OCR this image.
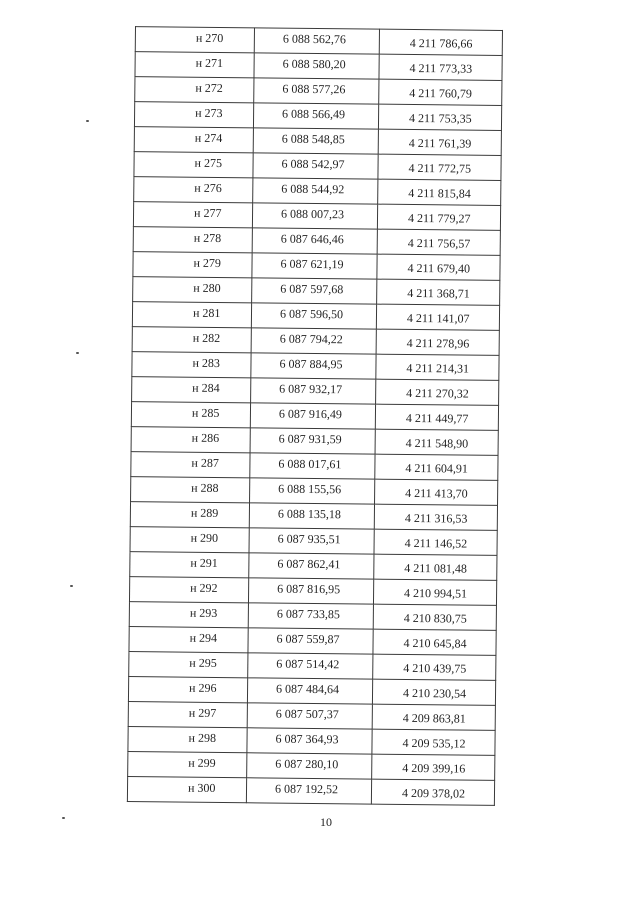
н 270	6 088 562,76	4 211 786,66

н 271	6 088 580,20	4 211 773,33

н 272	6 088 577,26	4 211 760,79

н 273	6 088 566,49	4 211 753,35

н 274	6 088 548,85	4 211 761,39

н 275	6 088 542,97	4 211 772,75

н 276	6 088 544,92	4 211 815,84

н 277	6 088 007,23	4 211 779,27

н 278	6 087 646,46	4 211 756,57

н 279	6 087 621,19	4 211 679,40

н 280	6 087 597,68	4 211 368,71

н 281	6 087 596,50	4 211 141,07

н 282	6 087 794,22	4 211 278,96

н 283	6 087 884,95	4 211 214,31

н 284	6 087 932,17	4 211 270,32

н 285	6 087 916,49	4 211 449,77

н 286	6 087 931,59	4 211 548,90

н 287	6 088 017,61	4 211 604,91

н 288	6 088 155,56	4 211 413,70

н 289	6 088 135,18	4 211 316,53

н 290	6 087 935,51	4 211 146,52

н 291	6 087 862,41	4 211 081,48

н 292	6 087 816,95	4 210 994,51

н 293	6 087 733,85	4 210 830,75

н 294	6 087 559,87	4 210 645,84

н 295	6 087 514,42	4 210 439,75

н 296	6 087 484,64	4 210 230,54

н 297	6 087 507,37	4 209 863,81

н 298	6 087 364,93	4 209 535,12

н 299	6 087 280,10	4 209 399,16

н 300	6 087 192,52	4 209 378,02
10
